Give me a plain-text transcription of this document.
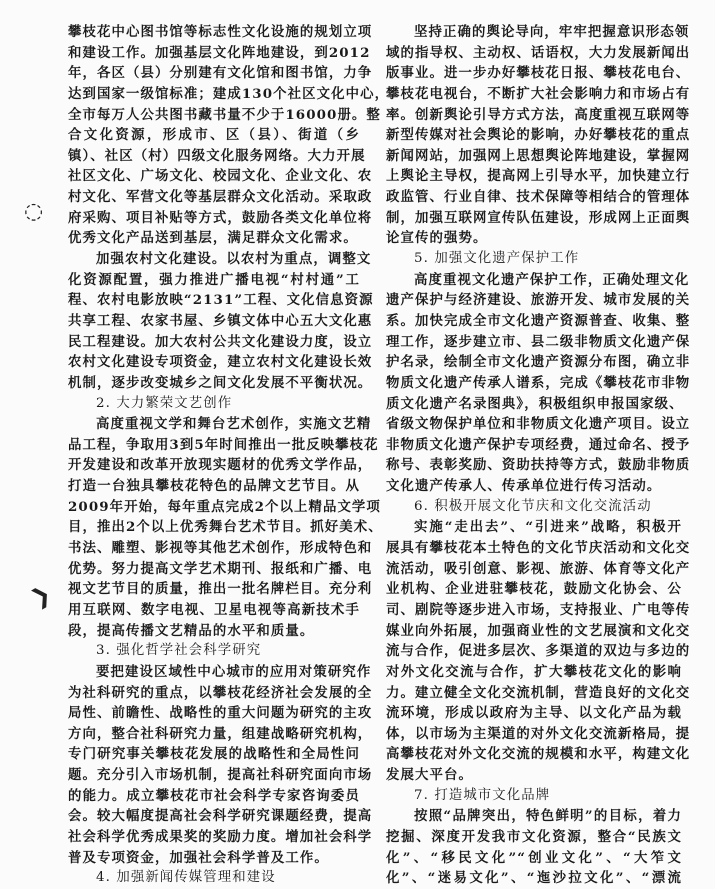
◌
❯
攀枝花中心图书馆等标志性文化设施的规划立项
和建设工作。加强基层文化阵地建设，到2012
年，各区（县）分别建有文化馆和图书馆，力争
达到国家一级馆标准；建成130个社区文化中心，
全市每万人公共图书藏书量不少于16000册。整
合文化资源，形成市、区（县）、街道（乡
镇）、社区（村）四级文化服务网络。大力开展
社区文化、广场文化、校园文化、企业文化、农
村文化、军营文化等基层群众文化活动。采取政
府采购、项目补贴等方式，鼓励各类文化单位将
优秀文化产品送到基层，满足群众文化需求。
加强农村文化建设。以农村为重点，调整文
化资源配置，强力推进广播电视“村村通”工
程、农村电影放映“2131”工程、文化信息资源
共享工程、农家书屋、乡镇文体中心五大文化惠
民工程建设。加大农村公共文化建设力度，设立
农村文化建设专项资金，建立农村文化建设长效
机制，逐步改变城乡之间文化发展不平衡状况。
2. 大力繁荣文艺创作
高度重视文学和舞台艺术创作，实施文艺精
品工程，争取用3到5年时间推出一批反映攀枝花
开发建设和改革开放现实题材的优秀文学作品，
打造一台独具攀枝花特色的品牌文艺节目。从
2009年开始，每年重点完成2个以上精品文学项
目，推出2个以上优秀舞台艺术节目。抓好美术、
书法、雕塑、影视等其他艺术创作，形成特色和
优势。努力提高文学艺术期刊、报纸和广播、电
视文艺节目的质量，推出一批名牌栏目。充分利
用互联网、数字电视、卫星电视等高新技术手
段，提高传播文艺精品的水平和质量。
3. 强化哲学社会科学研究
要把建设区域性中心城市的应用对策研究作
为社科研究的重点，以攀枝花经济社会发展的全
局性、前瞻性、战略性的重大问题为研究的主攻
方向，整合社科研究力量，组建战略研究机构，
专门研究事关攀枝花发展的战略性和全局性问
题。充分引入市场机制，提高社科研究面向市场
的能力。成立攀枝花市社会科学专家咨询委员
会。较大幅度提高社会科学研究课题经费，提高
社会科学优秀成果奖的奖励力度。增加社会科学
普及专项资金，加强社会科学普及工作。
4. 加强新闻传媒管理和建设
坚持正确的舆论导向，牢牢把握意识形态领
域的指导权、主动权、话语权，大力发展新闻出
版事业。进一步办好攀枝花日报、攀枝花电台、
攀枝花电视台，不断扩大社会影响力和市场占有
率。创新舆论引导方式方法，高度重视互联网等
新型传媒对社会舆论的影响，办好攀枝花的重点
新闻网站，加强网上思想舆论阵地建设，掌握网
上舆论主导权，提高网上引导水平，加快建立行
政监管、行业自律、技术保障等相结合的管理体
制，加强互联网宣传队伍建设，形成网上正面舆
论宣传的强势。
5. 加强文化遗产保护工作
高度重视文化遗产保护工作，正确处理文化
遗产保护与经济建设、旅游开发、城市发展的关
系。加快完成全市文化遗产资源普查、收集、整
理工作，逐步建立市、县二级非物质文化遗产保
护名录，绘制全市文化遗产资源分布图，确立非
物质文化遗产传承人谱系，完成《攀枝花市非物
质文化遗产名录图典》，积极组织申报国家级、
省级文物保护单位和非物质文化遗产项目。设立
非物质文化遗产保护专项经费，通过命名、授予
称号、表彰奖励、资助扶持等方式，鼓励非物质
文化遗产传承人、传承单位进行传习活动。
6. 积极开展文化节庆和文化交流活动
实施“走出去”、“引进来”战略，积极开
展具有攀枝花本土特色的文化节庆活动和文化交
流活动，吸引创意、影视、旅游、体育等文化产
业机构、企业进驻攀枝花，鼓励文化协会、公
司、剧院等逐步进入市场，支持报业、广电等传
媒业向外拓展，加强商业性的文艺展演和文化交
流与合作，促进多层次、多渠道的双边与多边的
对外文化交流与合作，扩大攀枝花文化的影响
力。建立健全文化交流机制，营造良好的文化交
流环境，形成以政府为主导、以文化产品为载
体，以市场为主渠道的对外文化交流新格局，提
高攀枝花对外文化交流的规模和水平，构建文化
发展大平台。
7. 打造城市文化品牌
按照“品牌突出，特色鲜明”的目标，着力
挖掘、深度开发我市文化资源，整合“民族文
化”、“移民文化”“创业文化”、“大笮文
化”、“迷易文化”、“迤沙拉文化”、“漂流
